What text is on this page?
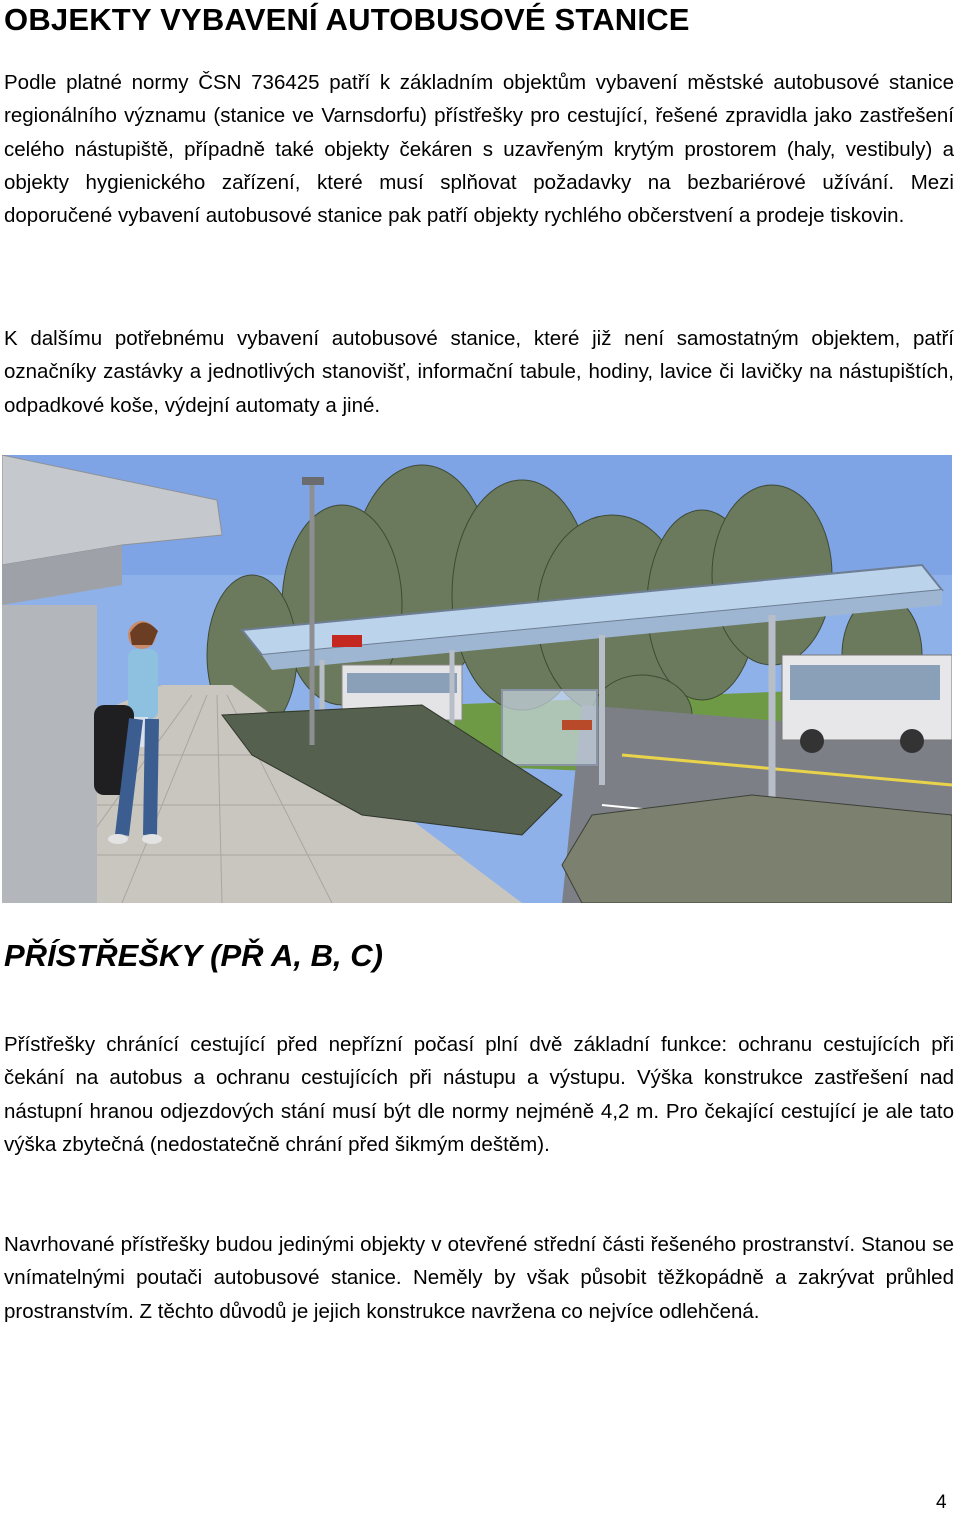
OBJEKTY VYBAVENÍ AUTOBUSOVÉ STANICE

Podle platné normy ČSN 736425 patří k základním objektům vybavení městské autobusové stanice regionálního významu (stanice ve Varnsdorfu) přístřešky pro cestující, řešené zpravidla jako zastřešení celého nástupiště, případně také objekty čekáren s uzavřeným krytým prostorem (haly, vestibuly) a objekty hygienického zařízení, které musí splňovat požadavky na bezbariérové užívání. Mezi doporučené vybavení autobusové stanice pak patří objekty rychlého občerstvení a prodeje tiskovin.

K dalšímu potřebnému vybavení autobusové stanice, které již není samostatným objektem, patří označníky zastávky a jednotlivých stanovišť, informační tabule, hodiny, lavice či lavičky na nástupištích, odpadkové koše, výdejní automaty a jiné.

PŘÍSTŘEŠKY (PŘ A, B, C)

Přístřešky chránící cestující před nepřízní počasí plní dvě základní funkce: ochranu cestujících při čekání na autobus a ochranu cestujících při nástupu a výstupu. Výška konstrukce zastřešení nad nástupní hranou odjezdových stání musí být dle normy nejméně 4,2 m. Pro čekající cestující je ale tato výška zbytečná (nedostatečně chrání před šikmým deštěm).

Navrhované přístřešky budou jedinými objekty v otevřené střední části řešeného prostranství. Stanou se vnímatelnými poutači autobusové stanice. Neměly by však působit těžkopádně a zakrývat průhled prostranstvím. Z těchto důvodů je jejich konstrukce navržena co nejvíce odlehčená.

4
